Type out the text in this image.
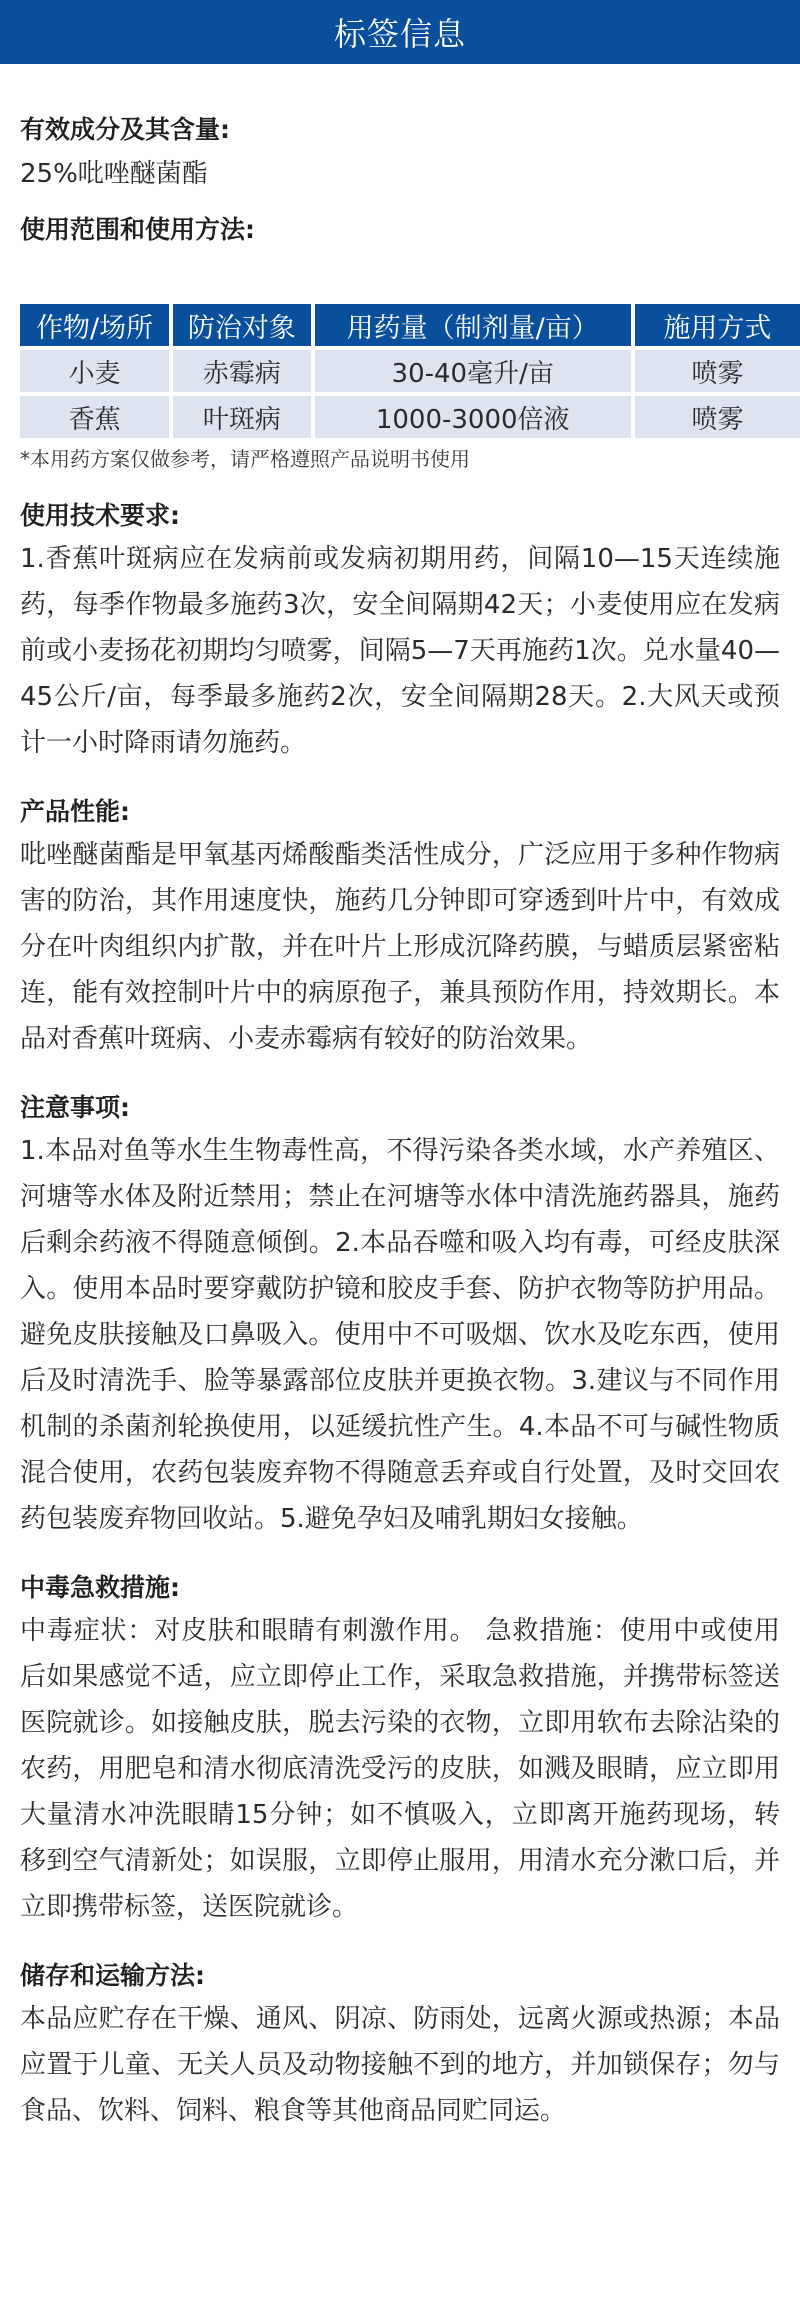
标签信息
有效成分及其含量:
25%吡唑醚菌酯
使用范围和使用方法:
作物/场所	防治对象	用药量（制剂量/亩）	施用方式
小麦	赤霉病	30-40毫升/亩	喷雾
香蕉	叶斑病	1000-3000倍液	喷雾
*本用药方案仅做参考，请严格遵照产品说明书使用
使用技术要求:
1.香蕉叶斑病应在发病前或发病初期用药，间隔10—15天连续施药，每季作物最多施药3次，安全间隔期42天；小麦使用应在发病前或小麦扬花初期均匀喷雾，间隔5—7天再施药1次。兑水量40—45公斤/亩，每季最多施药2次，安全间隔期28天。2.大风天或预计一小时降雨请勿施药。
产品性能:
吡唑醚菌酯是甲氧基丙烯酸酯类活性成分，广泛应用于多种作物病害的防治，其作用速度快，施药几分钟即可穿透到叶片中，有效成分在叶肉组织内扩散，并在叶片上形成沉降药膜，与蜡质层紧密粘连，能有效控制叶片中的病原孢子，兼具预防作用，持效期长。本品对香蕉叶斑病、小麦赤霉病有较好的防治效果。
注意事项:
1.本品对鱼等水生生物毒性高，不得污染各类水域，水产养殖区、河塘等水体及附近禁用；禁止在河塘等水体中清洗施药器具，施药后剩余药液不得随意倾倒。2.本品吞噬和吸入均有毒，可经皮肤深入。使用本品时要穿戴防护镜和胶皮手套、防护衣物等防护用品。避免皮肤接触及口鼻吸入。使用中不可吸烟、饮水及吃东西，使用后及时清洗手、脸等暴露部位皮肤并更换衣物。3.建议与不同作用机制的杀菌剂轮换使用，以延缓抗性产生。4.本品不可与碱性物质混合使用，农药包装废弃物不得随意丢弃或自行处置，及时交回农药包装废弃物回收站。5.避免孕妇及哺乳期妇女接触。
中毒急救措施:
中毒症状：对皮肤和眼睛有刺激作用。 急救措施：使用中或使用后如果感觉不适，应立即停止工作，采取急救措施，并携带标签送医院就诊。如接触皮肤，脱去污染的衣物，立即用软布去除沾染的农药，用肥皂和清水彻底清洗受污的皮肤，如溅及眼睛，应立即用大量清水冲洗眼睛15分钟；如不慎吸入，立即离开施药现场，转移到空气清新处；如误服，立即停止服用，用清水充分漱口后，并立即携带标签，送医院就诊。
储存和运输方法:
本品应贮存在干燥、通风、阴凉、防雨处，远离火源或热源；本品应置于儿童、无关人员及动物接触不到的地方，并加锁保存；勿与食品、饮料、饲料、粮食等其他商品同贮同运。
